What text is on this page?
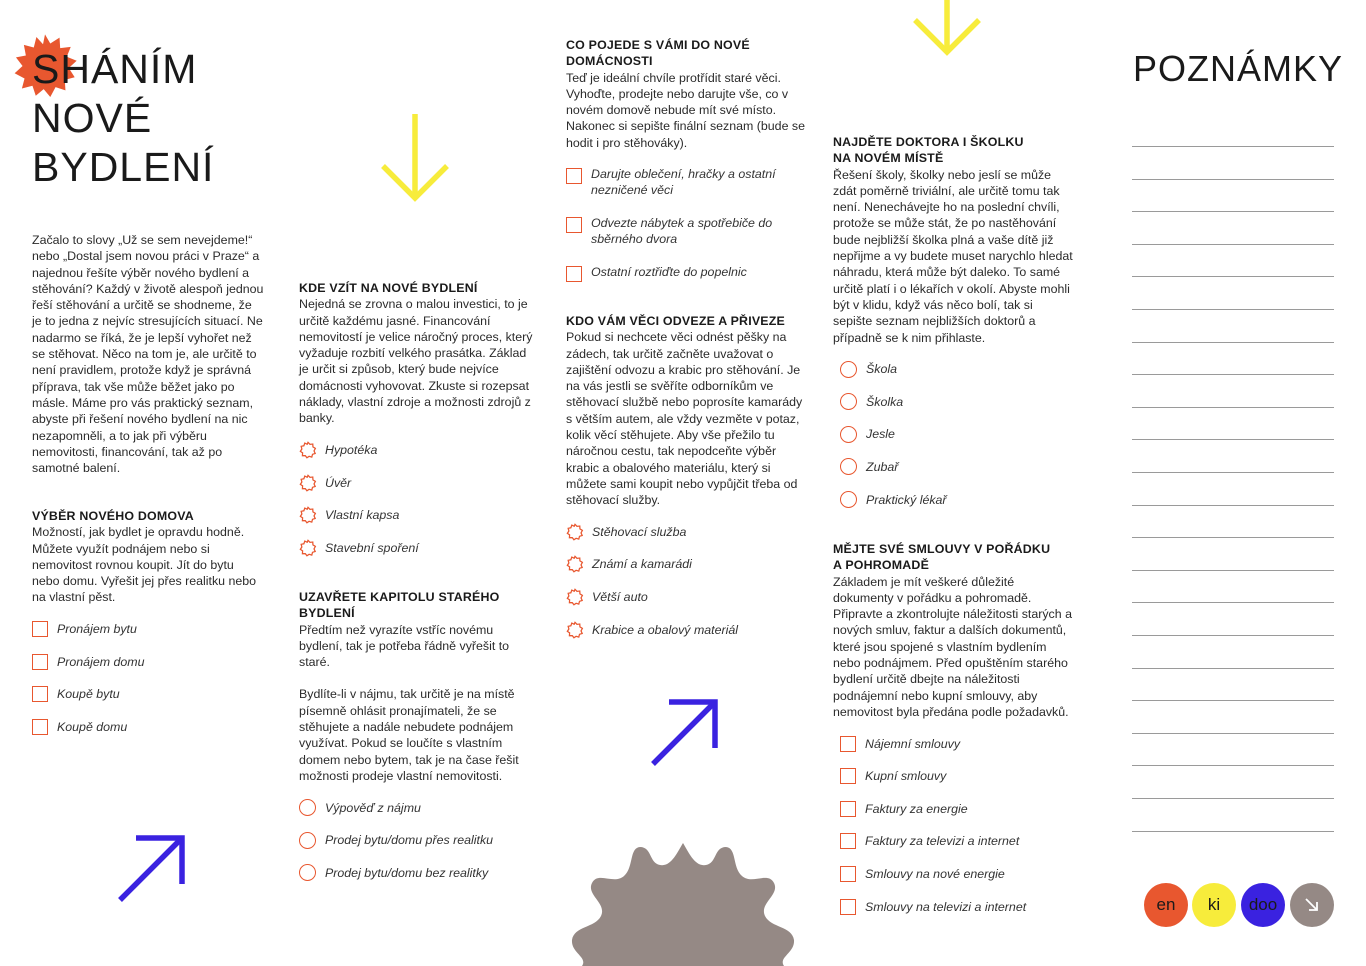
SHÁNÍM
NOVÉ
BYDLENÍ

Začalo to slovy „Už se sem nevejdeme!“ nebo „Dostal jsem novou práci v Praze“ a najednou řešíte výběr nového bydlení a stěhování? Každý v životě alespoň jednou řeší stěhování a určitě se shodneme, že je to jedna z nejvíc stresujících situací. Ne nadarmo se říká, že je lepší vyhořet než se stěhovat. Něco na tom je, ale určitě to není pravidlem, protože když je správná příprava, tak vše může běžet jako po másle. Máme pro vás praktický seznam, abyste při řešení nového bydlení na nic nezapomněli, a to jak při výběru nemovitosti, financování, tak až po samotné balení.

VÝBĚR NOVÉHO DOMOVA

Možností, jak bydlet je opravdu hodně. Můžete využít podnájem nebo si nemovitost rovnou koupit. Jít do bytu nebo domu. Vyřešit jej přes realitku nebo na vlastní pěst.

Pronájem bytu
Pronájem domu
Koupě bytu
Koupě domu
KDE VZÍT NA NOVÉ BYDLENÍ

Nejedná se zrovna o malou investici, to je určitě každému jasné. Financování nemovitostí je velice náročný proces, který vyžaduje rozbití velkého prasátka. Základ je určit si způsob, který bude nejvíce domácnosti vyhovovat. Zkuste si rozepsat náklady, vlastní zdroje a možnosti zdrojů z banky.

Hypotéka
Úvěr
Vlastní kapsa
Stavební spoření
UZAVŘETE KAPITOLU STARÉHO
BYDLENÍ

Předtím než vyrazíte vstříc novému bydlení, tak je potřeba řádně vyřešit to staré.

Bydlíte-li v nájmu, tak určitě je na místě písemně ohlásit pronajímateli, že se stěhujete a nadále nebudete podnájem využívat. Pokud se loučíte s vlastním domem nebo bytem, tak je na čase řešit možnosti prodeje vlastní nemovitosti.

Výpověď z nájmu
Prodej bytu/domu přes realitku
Prodej bytu/domu bez realitky
CO POJEDE S VÁMI DO NOVÉ
DOMÁCNOSTI

Teď je ideální chvíle protřídit staré věci. Vyhoďte, prodejte nebo darujte vše, co v novém domově nebude mít své místo. Nakonec si sepište finální seznam (bude se hodit i pro stěhováky).

Darujte oblečení, hračky a ostatní
nezničené věci
Odvezte nábytek a spotřebiče do
sběrného dvora
Ostatní roztřiďte do popelnic
KDO VÁM VĚCI ODVEZE A PŘIVEZE

Pokud si nechcete věci odnést pěšky na zádech, tak určitě začněte uvažovat o zajištění odvozu a krabic pro stěhování. Je na vás jestli se svěříte odborníkům ve stěhovací službě nebo poprosíte kamarády s větším autem, ale vždy vezměte v potaz, kolik věcí stěhujete. Aby vše přežilo tu náročnou cestu, tak nepodceňte výběr krabic a obalového materiálu, který si můžete sami koupit nebo vypůjčit třeba od stěhovací služby.

Stěhovací služba
Známí a kamarádi
Větší auto
Krabice a obalový materiál
NAJDĚTE DOKTORA I ŠKOLKU
NA NOVÉM MÍSTĚ

Řešení školy, školky nebo jeslí se může zdát poměrně triviální, ale určitě tomu tak není. Nenechávejte ho na poslední chvíli, protože se může stát, že po nastěhování bude nejbližší školka plná a vaše dítě již nepřijme a vy budete muset narychlo hledat náhradu, která může být daleko. To samé určitě platí i o lékařích v okolí. Abyste mohli být v klidu, když vás něco bolí, tak si sepište seznam nejbližších doktorů a případně se k nim přihlaste.

Škola
Školka
Jesle
Zubař
Praktický lékař
MĚJTE SVÉ SMLOUVY V POŘÁDKU
A POHROMADĚ

Základem je mít veškeré důležité dokumenty v pořádku a pohromadě. Připravte a zkontrolujte náležitosti starých a nových smluv, faktur a dalších dokumentů, které jsou spojené s vlastním bydlením nebo podnájmem. Před opuštěním starého bydlení určitě dbejte na náležitosti podnájemní nebo kupní smlouvy, aby nemovitost byla předána podle požadavků.

Nájemní smlouvy
Kupní smlouvy
Faktury za energie
Faktury za televizi a internet
Smlouvy na nové energie
Smlouvy na televizi a internet
POZNÁMKY
en	ki	doo
